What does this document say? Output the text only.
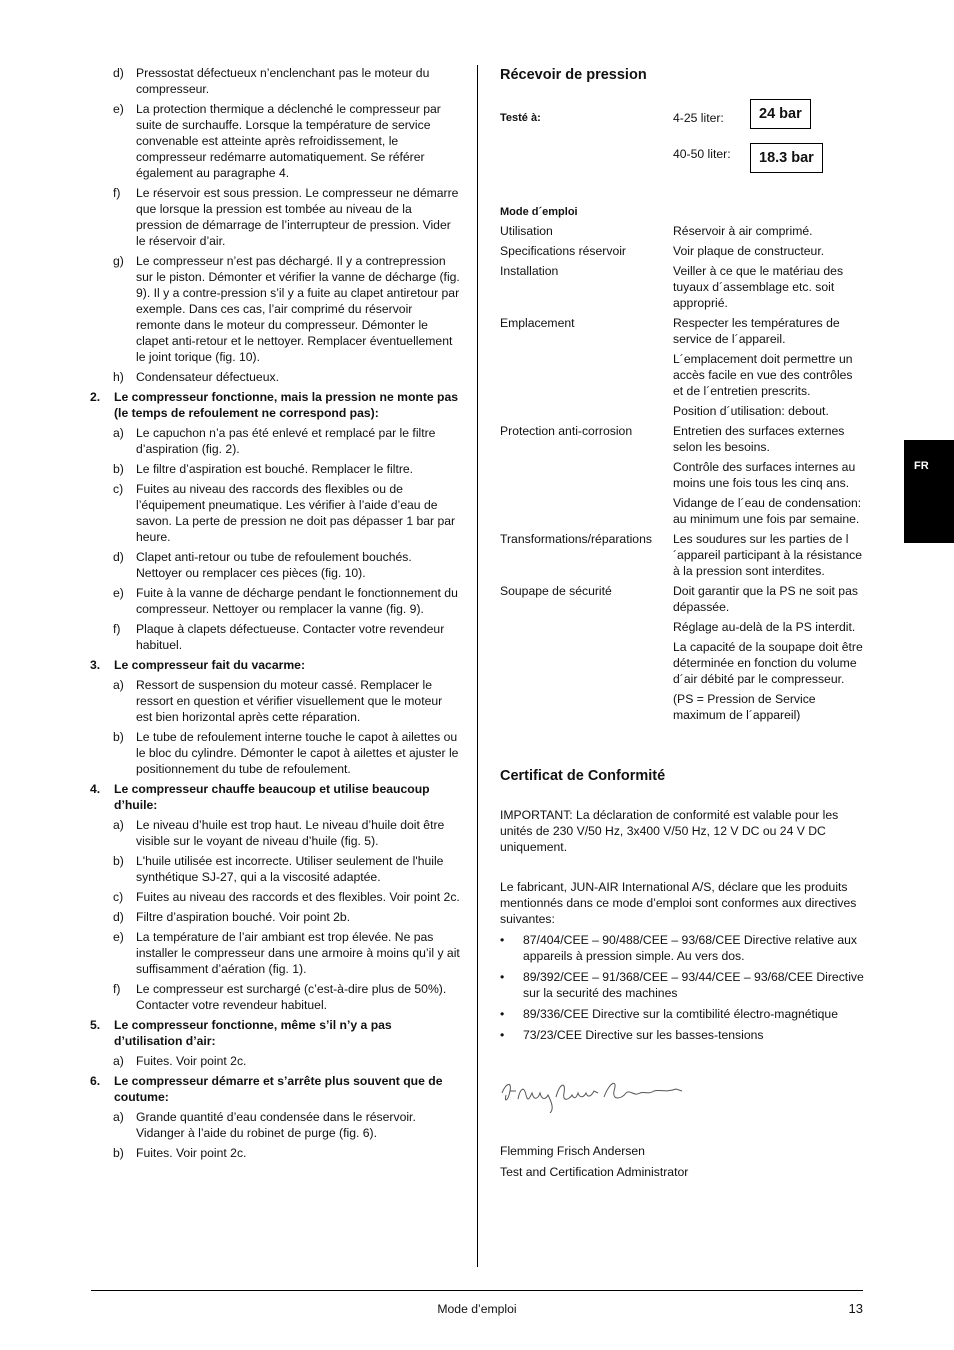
d) Pressostat défectueux n’enclenchant pas le moteur du compresseur.
e) La protection thermique a déclenché le compresseur par suite de surchauffe. Lorsque la température de service convenable est atteinte après refroidissement, le compresseur redémarre automatiquement. Se référer également au paragraphe 4.
f) Le réservoir est sous pression. Le compresseur ne démarre que lorsque la pression est tombée au niveau de la pression de démarrage de l’interrupteur de pression. Vider le réservoir d’air.
g) Le compresseur n’est pas déchargé. Il y a contrepression sur le piston. Démonter et vérifier la vanne de décharge (fig. 9). Il y a contre-pression s’il y a fuite au clapet antiretour par exemple. Dans ces cas, l’air comprimé du réservoir remonte dans le moteur du compresseur. Démonter le clapet anti-retour et le nettoyer. Remplacer éventuellement le joint torique (fig. 10).
h) Condensateur défectueux.
2. Le compresseur fonctionne, mais la pression ne monte pas (le temps de refoulement ne correspond pas):
a) Le capuchon n’a pas été enlevé et remplacé par le filtre d’aspiration (fig. 2).
b) Le filtre d’aspiration est bouché. Remplacer le filtre.
c) Fuites au niveau des raccords des flexibles ou de l’équipement pneumatique. Les vérifier à l’aide d’eau de savon. La perte de pression ne doit pas dépasser 1 bar par heure.
d) Clapet anti-retour ou tube de refoulement bouchés. Nettoyer ou remplacer ces pièces (fig. 10).
e) Fuite à la vanne de décharge pendant le fonctionnement du compresseur. Nettoyer ou remplacer la vanne (fig. 9).
f) Plaque à clapets défectueuse. Contacter votre revendeur habituel.
3. Le compresseur fait du vacarme:
a) Ressort de suspension du moteur cassé. Remplacer le ressort en question et vérifier visuellement que le moteur est bien horizontal après cette réparation.
b) Le tube de refoulement interne touche le capot à ailettes ou le bloc du cylindre. Démonter le capot à ailettes et ajuster le positionnement du tube de refoulement.
4. Le compresseur chauffe beaucoup et utilise beaucoup d’huile:
a) Le niveau d’huile est trop haut. Le niveau d’huile doit être visible sur le voyant de niveau d’huile (fig. 5).
b) L'huile utilisée est incorrecte. Utiliser seulement de l'huile synthétique SJ-27, qui a la viscosité adaptée.
c) Fuites au niveau des raccords et des flexibles. Voir point 2c.
d) Filtre d’aspiration bouché. Voir point 2b.
e) La température de l’air ambiant est trop élevée. Ne pas installer le compresseur dans une armoire à moins qu’il y ait suffisamment d’aération (fig. 1).
f) Le compresseur est surchargé (c’est-à-dire plus de 50%). Contacter votre revendeur habituel.
5. Le compresseur fonctionne, même s’il n’y a pas d’utilisation d’air:
a) Fuites. Voir point 2c.
6. Le compresseur démarre et s’arrête plus souvent que de coutume:
a) Grande quantité d’eau condensée dans le réservoir. Vidanger à l’aide du robinet de purge (fig. 6).
b) Fuites. Voir point 2c.
Récevoir de pression
Testé à:	4-25 liter:	24 bar
40-50 liter:	18.3 bar
Mode d´emploi
Utilisation	Réservoir à air comprimé.

Specifications réservoir	Voir plaque de constructeur.

Installation	Veiller à ce que le matériau des tuyaux d´assemblage etc. soit approprié.

Emplacement	Respecter les températures de service de l´appareil.

L´emplacement doit permettre un accès facile en vue des contrôles et de l´entretien prescrits.

Position d´utilisation: debout.

Protection anti-corrosion	Entretien des surfaces externes selon les besoins.

Contrôle des surfaces internes au moins une fois tous les cinq ans.

Vidange de l´eau de condensation: au minimum une fois par semaine.

Transformations/réparations	Les soudures sur les parties de l´appareil participant à la résistance à la pression sont interdites.

Soupape de sécurité	Doit garantir que la PS ne soit pas dépassée.

Réglage au-delà de la PS interdit.

La capacité de la soupape doit être déterminée en fonction du volume d´air débité par le compresseur.

(PS = Pression de Service maximum de l´appareil)

Certificat de Conformité
IMPORTANT: La déclaration de conformité est valable pour les unités de 230 V/50 Hz, 3x400 V/50 Hz, 12 V DC ou 24 V DC uniquement.
Le fabricant, JUN-AIR International A/S, déclare que les produits mentionnés dans ce mode d’emploi sont conformes aux directives suivantes:
• 87/404/CEE – 90/488/CEE – 93/68/CEE Directive relative aux appareils à pression simple. Au vers dos.
• 89/392/CEE – 91/368/CEE – 93/44/CEE – 93/68/CEE Directive sur la securité des machines
• 89/336/CEE Directive sur la comtibilité électro-magnétique
• 73/23/CEE Directive sur les basses-tensions
Flemming Frisch Andersen
Test and Certification Administrator
FR
Mode d’emploi	13
